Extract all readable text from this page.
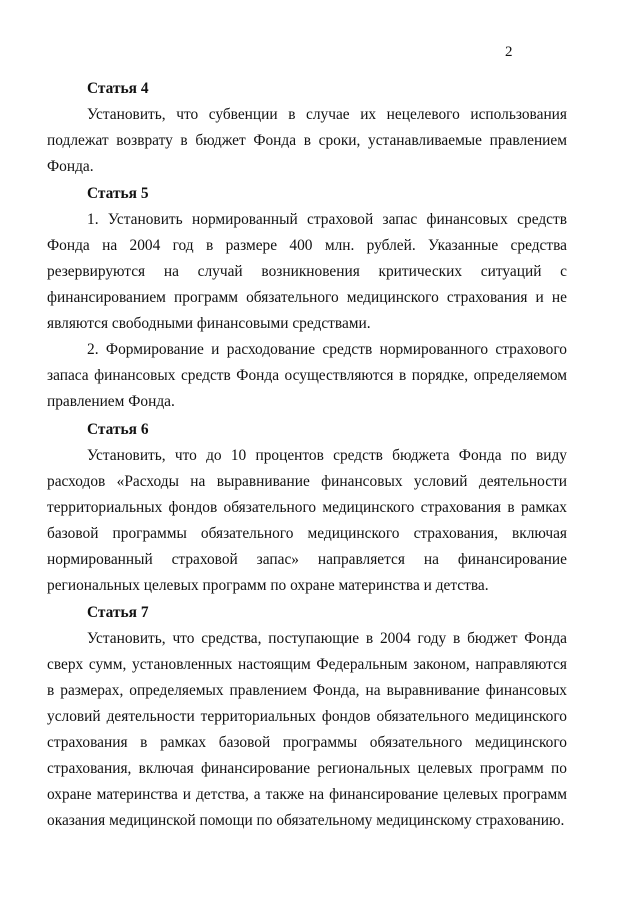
2
Статья 4

Установить, что субвенции в случае их нецелевого использования подлежат возврату в бюджет Фонда в сроки, устанавливаемые правлением Фонда.

Статья 5

1. Установить нормированный страховой запас финансовых средств Фонда на 2004 год в размере 400 млн. рублей. Указанные средства резервируются на случай возникновения критических ситуаций с финансированием программ обязательного медицинского страхования и не являются свободными финансовыми средствами.

2. Формирование и расходование средств нормированного страхового запаса финансовых средств Фонда осуществляются в порядке, определяемом правлением Фонда.

Статья 6

Установить, что до 10 процентов средств бюджета Фонда по виду расходов «Расходы на выравнивание финансовых условий деятельности территориальных фондов обязательного медицинского страхования в рамках базовой программы обязательного медицинского страхования, включая нормированный страховой запас» направляется на финансирование региональных целевых программ по охране материнства и детства.

Статья 7

Установить, что средства, поступающие в 2004 году в бюджет Фонда сверх сумм, установленных настоящим Федеральным законом, направляются в размерах, определяемых правлением Фонда, на выравнивание финансовых условий деятельности территориальных фондов обязательного медицинского страхования в рамках базовой программы обязательного медицинского страхования, включая финансирование региональных целевых программ по охране материнства и детства, а также на финансирование целевых программ оказания медицинской помощи по обязательному медицинскому страхованию.
